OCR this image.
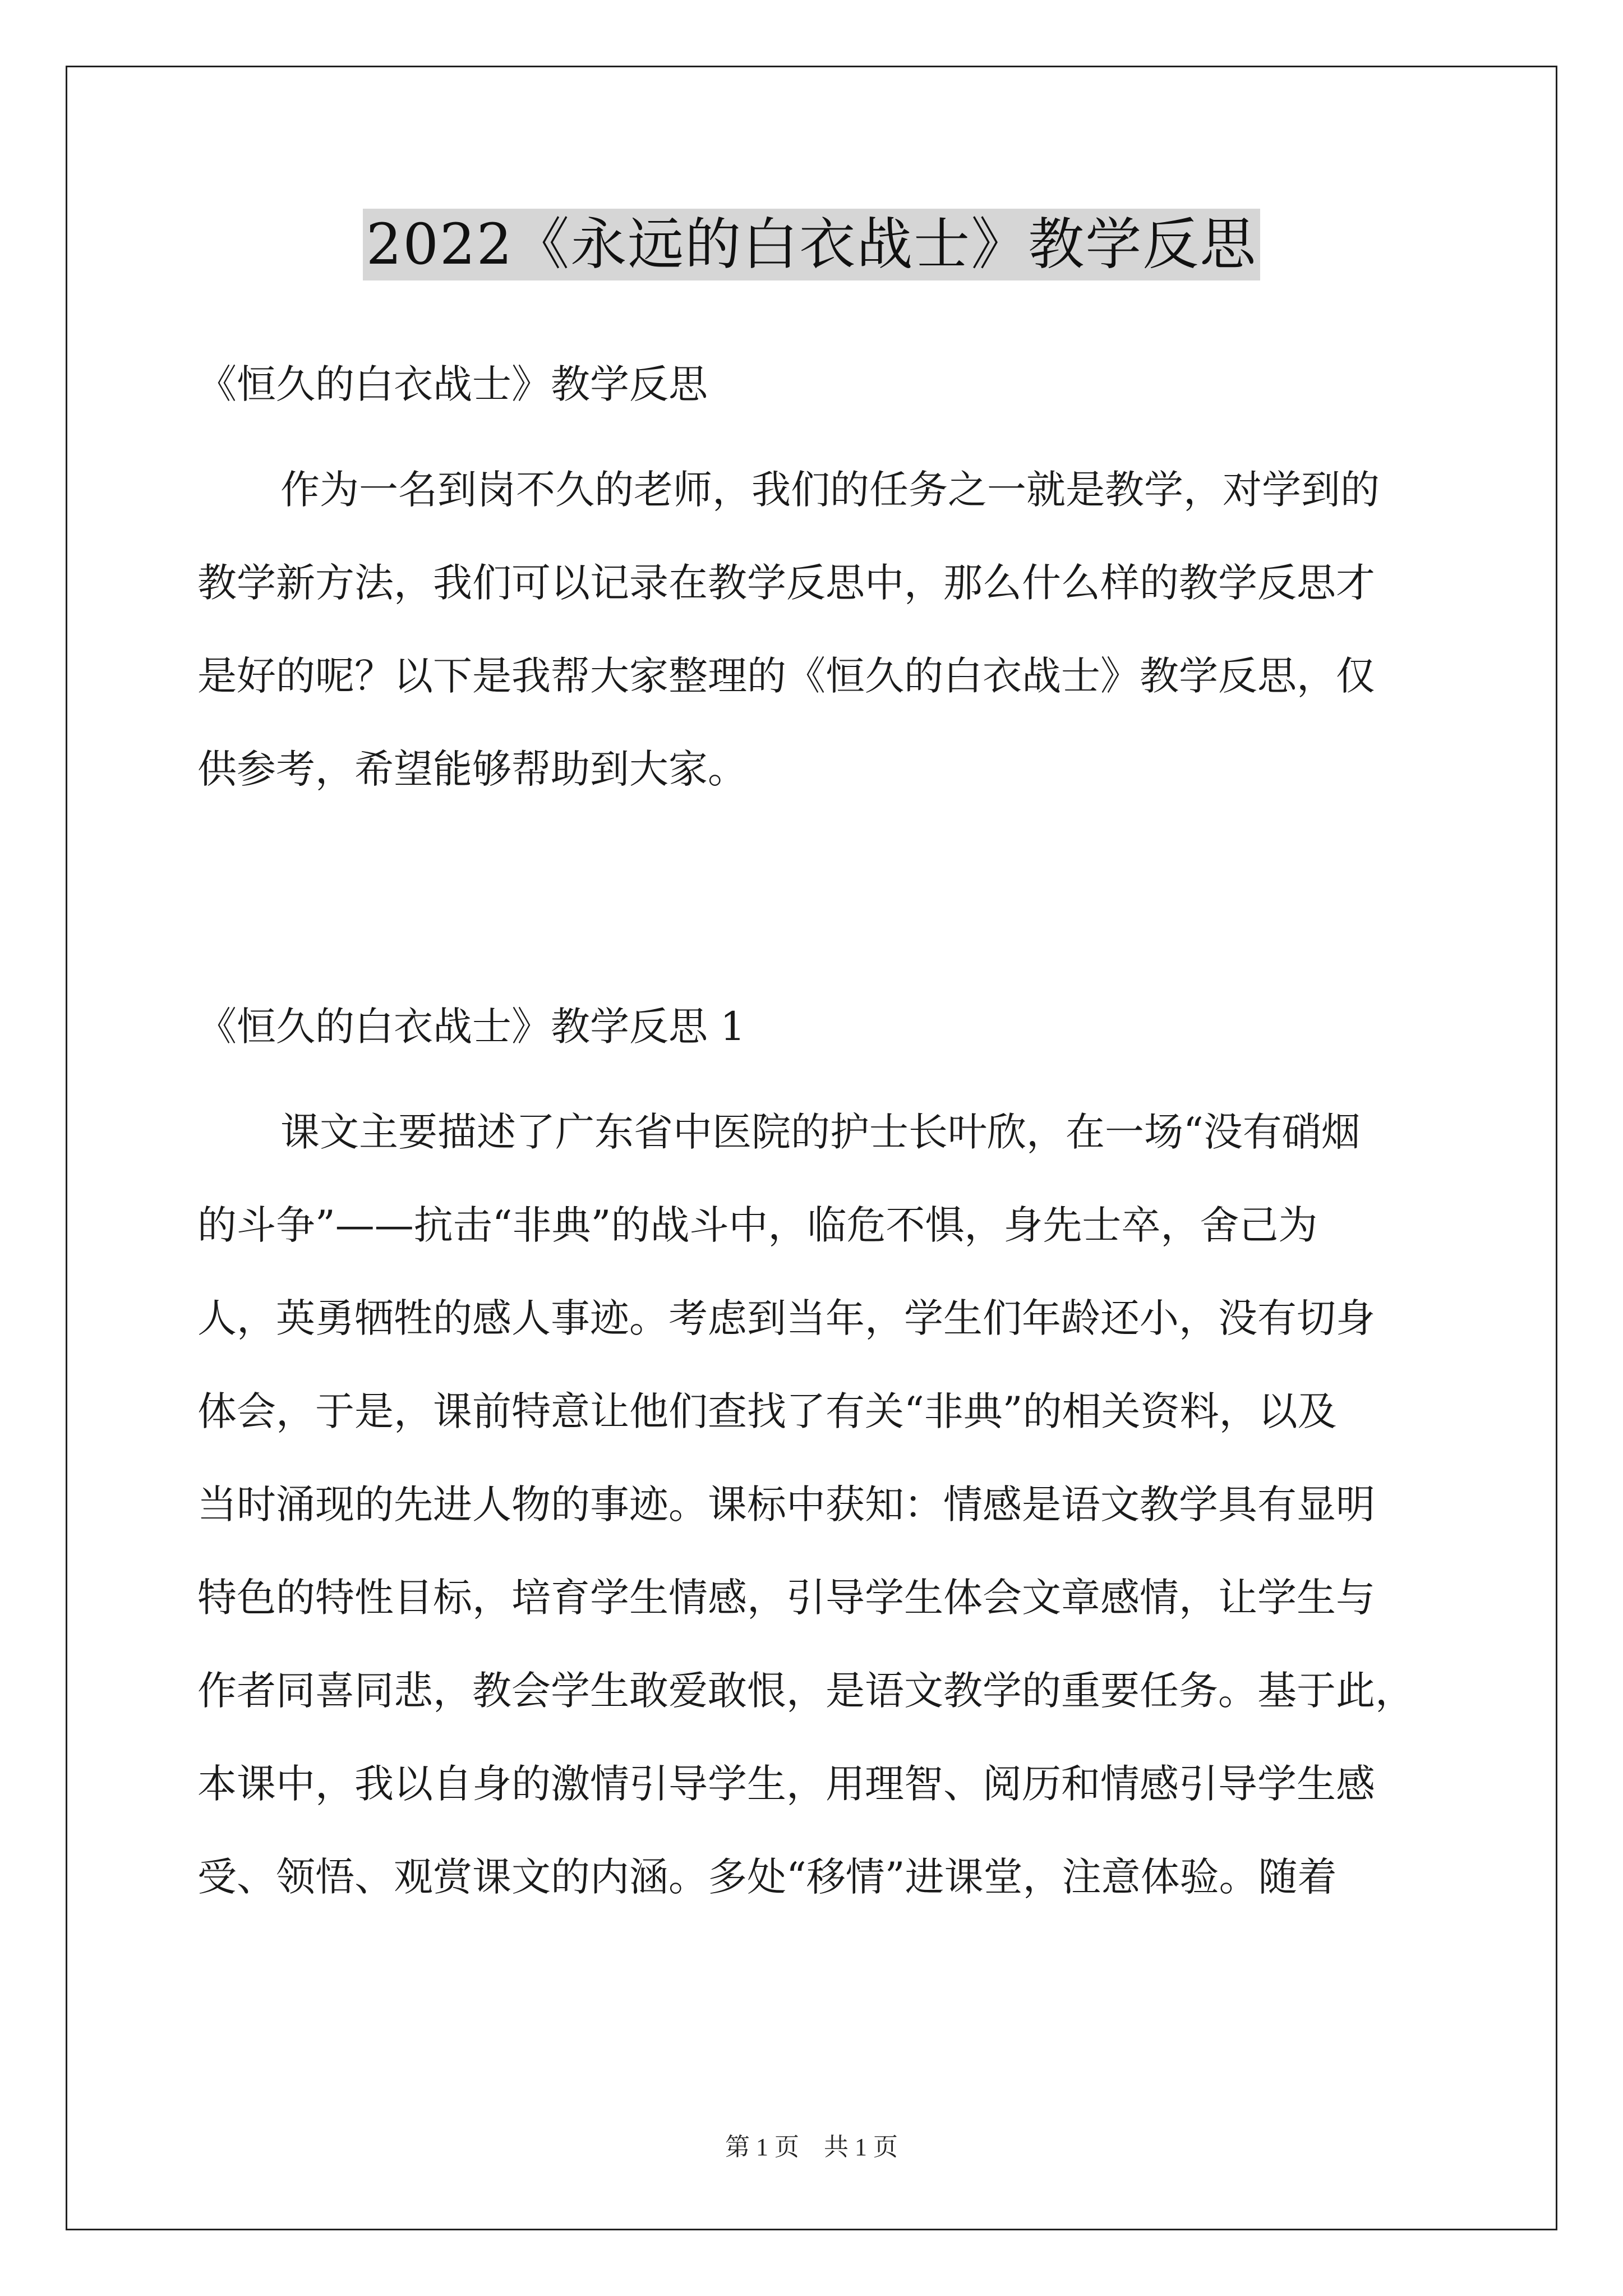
2022《永远的白衣战士》教学反思
《恒久的白衣战士》教学反思
作为一名到岗不久的老师，我们的任务之一就是教学，对学到的
教学新方法，我们可以记录在教学反思中，那么什么样的教学反思才
是好的呢？以下是我帮大家整理的《恒久的白衣战士》教学反思，仅
供参考，希望能够帮助到大家。
《恒久的白衣战士》教学反思 1
课文主要描述了广东省中医院的护士长叶欣，在一场“没有硝烟
的斗争”——抗击“非典”的战斗中，临危不惧，身先士卒，舍己为
人，英勇牺牲的感人事迹。考虑到当年，学生们年龄还小，没有切身
体会，于是，课前特意让他们查找了有关“非典”的相关资料，以及
当时涌现的先进人物的事迹。课标中获知：情感是语文教学具有显明
特色的特性目标，培育学生情感，引导学生体会文章感情，让学生与
作者同喜同悲，教会学生敢爱敢恨，是语文教学的重要任务。基于此，
本课中，我以自身的激情引导学生，用理智、阅历和情感引导学生感
受、领悟、观赏课文的内涵。多处“移情”进课堂，注意体验。随着
第 1 页　共 1 页
